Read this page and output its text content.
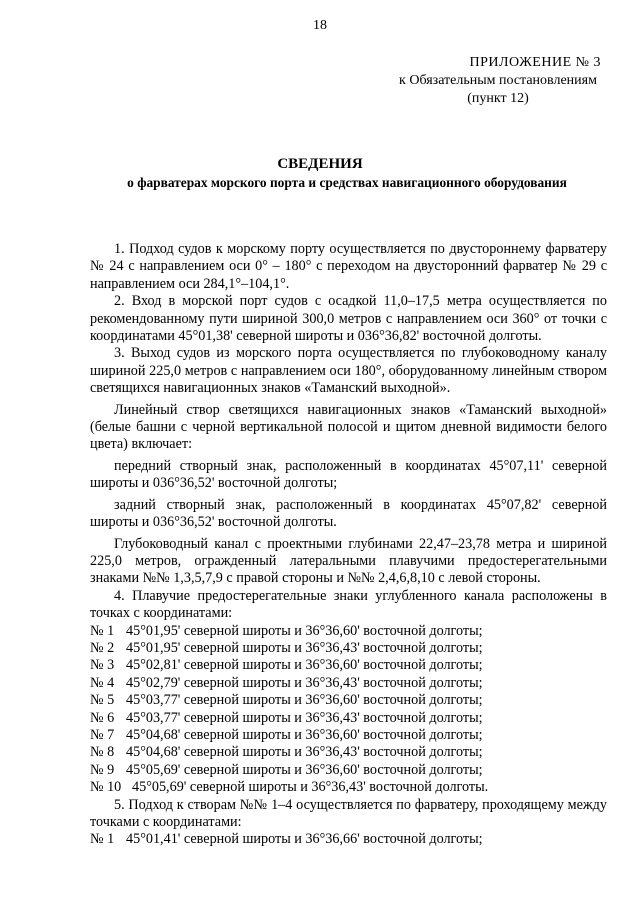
18
ПРИЛОЖЕНИЕ № 3
к Обязательным постановлениям
(пункт 12)
СВЕДЕНИЯ
о фарватерах морского порта и средствах навигационного оборудования

1. Подход судов к морскому порту осуществляется по двустороннему фарватеру № 24 с направлением оси 0° – 180° с переходом на двусторонний фарватер № 29 с направлением оси 284,1°–104,1°.

2. Вход в морской порт судов с осадкой 11,0–17,5 метра осуществляется по рекомендованному пути шириной 300,0 метров с направлением оси 360° от точки с координатами 45°01,38' северной широты и 036°36,82' восточной долготы.

3. Выход судов из морского порта осуществляется по глубоководному каналу шириной 225,0 метров с направлением оси 180°, оборудованному линейным створом светящихся навигационных знаков «Таманский выходной».

Линейный створ светящихся навигационных знаков «Таманский выходной» (белые башни с черной вертикальной полосой и щитом дневной видимости белого цвета) включает:

передний створный знак, расположенный в координатах 45°07,11' северной широты и 036°36,52' восточной долготы;

задний створный знак, расположенный в координатах 45°07,82' северной широты и 036°36,52' восточной долготы.

Глубоководный канал с проектными глубинами 22,47–23,78 метра и шириной 225,0 метров, огражденный латеральными плавучими предостерегательными знаками №№ 1,3,5,7,9 с правой стороны и №№ 2,4,6,8,10 с левой стороны.

4. Плавучие предостерегательные знаки углубленного канала расположены в точках с координатами:

№ 1 45°01,95' северной широты и 36°36,60' восточной долготы;

№ 2 45°01,95' северной широты и 36°36,43' восточной долготы;

№ 3 45°02,81' северной широты и 36°36,60' восточной долготы;

№ 4 45°02,79' северной широты и 36°36,43' восточной долготы;

№ 5 45°03,77' северной широты и 36°36,60' восточной долготы;

№ 6 45°03,77' северной широты и 36°36,43' восточной долготы;

№ 7 45°04,68' северной широты и 36°36,60' восточной долготы;

№ 8 45°04,68' северной широты и 36°36,43' восточной долготы;

№ 9 45°05,69' северной широты и 36°36,60' восточной долготы;

№ 10 45°05,69' северной широты и 36°36,43' восточной долготы.

5. Подход к створам №№ 1–4 осуществляется по фарватеру, проходящему между точками с координатами:

№ 1 45°01,41' северной широты и 36°36,66' восточной долготы;
